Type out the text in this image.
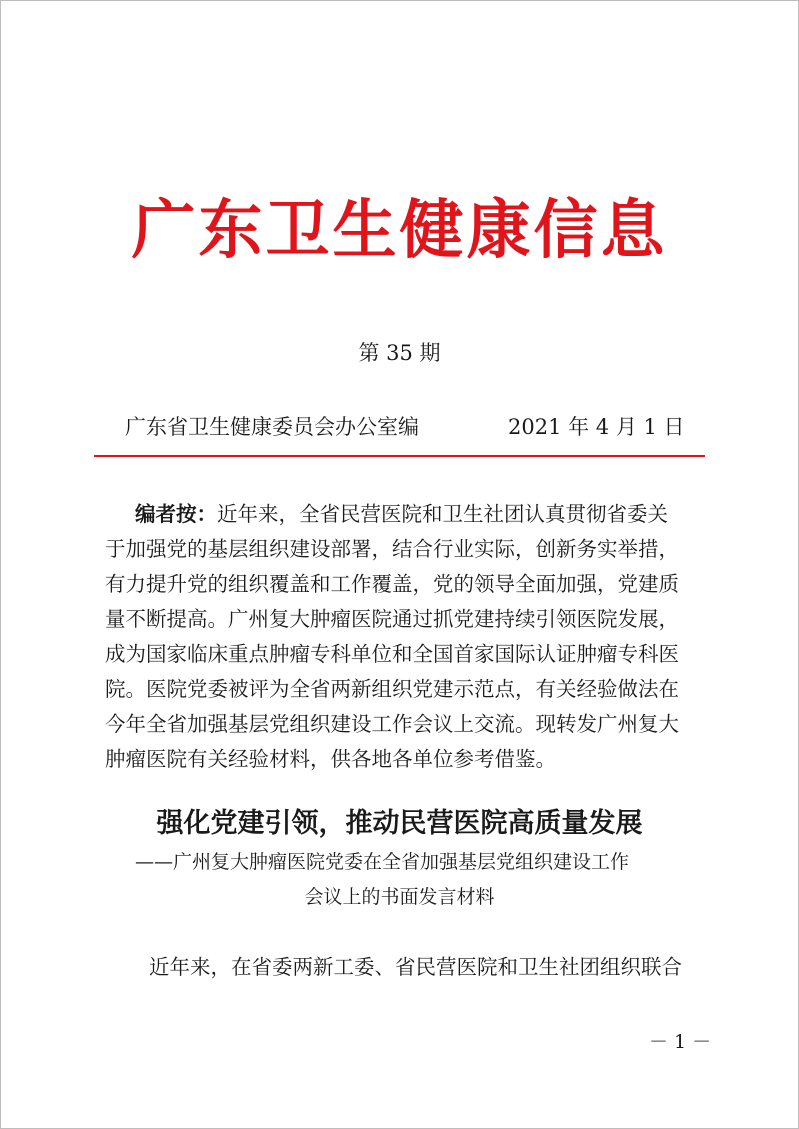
广东卫生健康信息
第 35 期
广东省卫生健康委员会办公室编	2021 年 4 月 1 日
编者按：近年来，全省民营医院和卫生社团认真贯彻省委关
于加强党的基层组织建设部署，结合行业实际，创新务实举措，
有力提升党的组织覆盖和工作覆盖，党的领导全面加强，党建质
量不断提高。广州复大肿瘤医院通过抓党建持续引领医院发展，
成为国家临床重点肿瘤专科单位和全国首家国际认证肿瘤专科医
院。医院党委被评为全省两新组织党建示范点，有关经验做法在
今年全省加强基层党组织建设工作会议上交流。现转发广州复大
肿瘤医院有关经验材料，供各地各单位参考借鉴。
强化党建引领，推动民营医院高质量发展
——广州复大肿瘤医院党委在全省加强基层党组织建设工作
会议上的书面发言材料
近年来，在省委两新工委、省民营医院和卫生社团组织联合
－ 1 －
